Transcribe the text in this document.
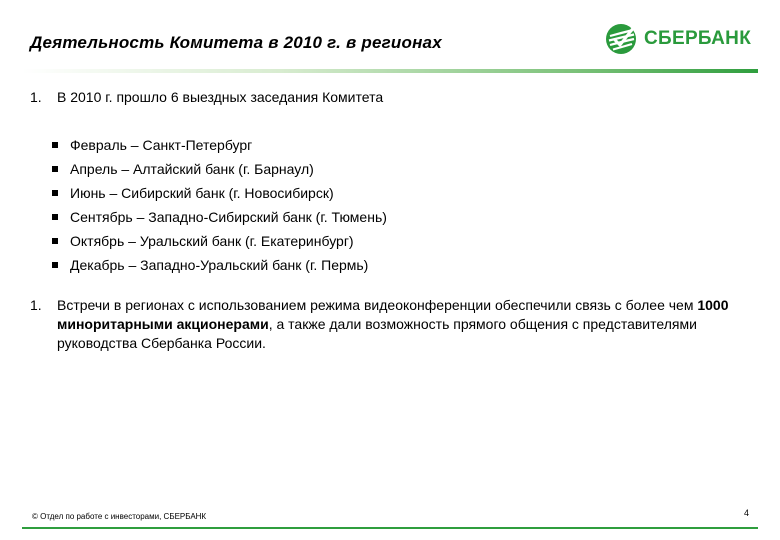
Деятельность Комитета в 2010 г. в регионах	СБЕРБАНК
1. В 2010 г. прошло 6 выездных заседания Комитета
Февраль – Санкт-Петербург
Апрель – Алтайский банк (г. Барнаул)
Июнь – Сибирский банк (г. Новосибирск)
Сентябрь – Западно-Сибирский банк (г. Тюмень)
Октябрь – Уральский банк (г. Екатеринбург)
Декабрь – Западно-Уральский банк (г. Пермь)
1.	Встречи в регионах с использованием режима видеоконференции обеспечили связь с более чем 1000 миноритарными акционерами, а также дали возможность прямого общения с представителями руководства Сбербанка России.
© Отдел по работе с инвесторами, СБЕРБАНК	4
